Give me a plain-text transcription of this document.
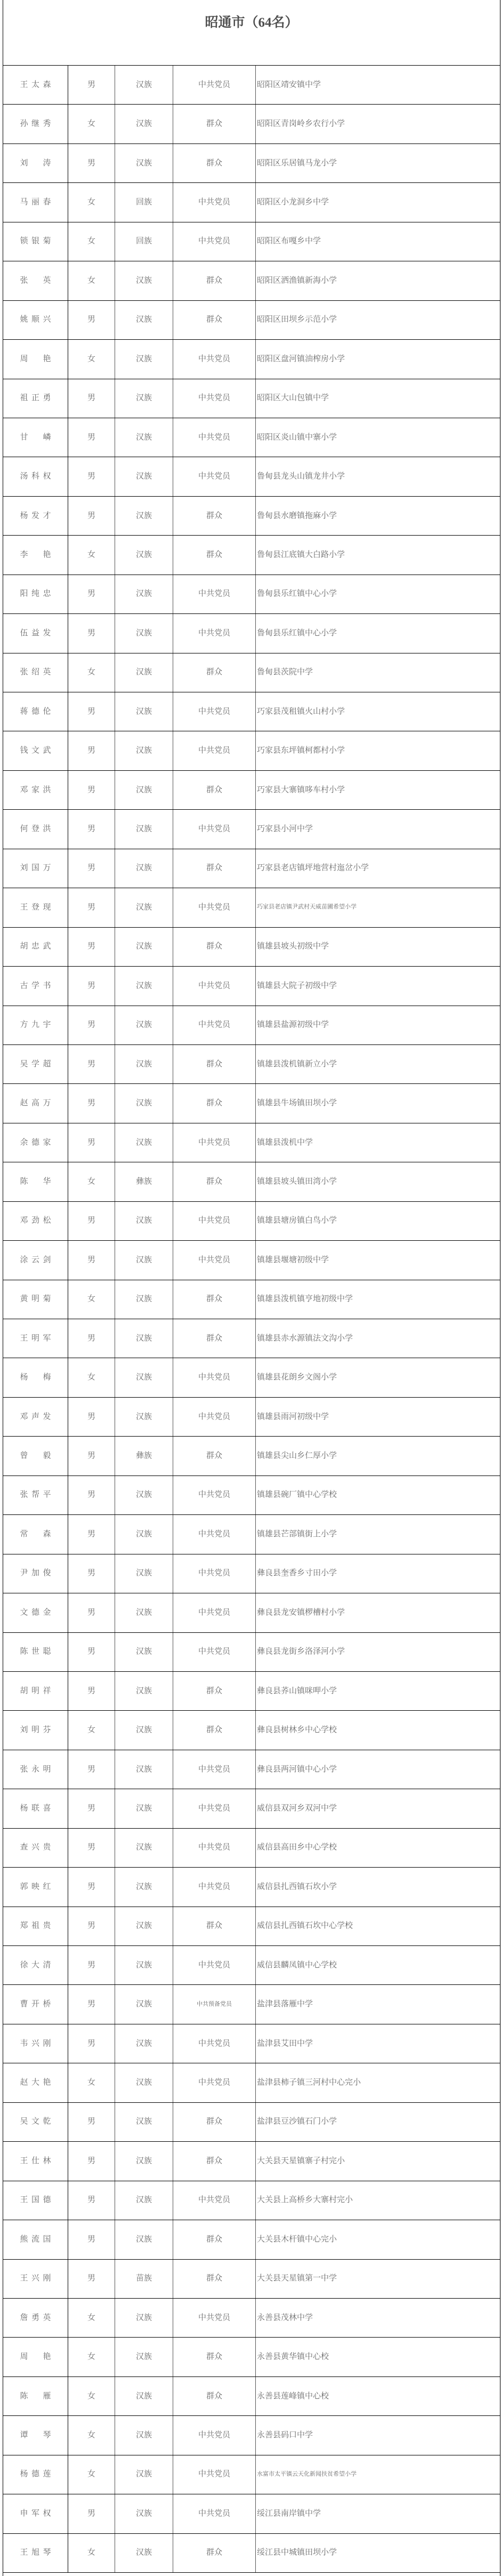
昭通市（64名）
王太森	男	汉族	中共党员	昭阳区靖安镇中学
孙继秀	女	汉族	群众	昭阳区青岗岭乡农行小学
刘涛	男	汉族	群众	昭阳区乐居镇马龙小学
马丽春	女	回族	中共党员	昭阳区小龙洞乡中学
锁银菊	女	回族	中共党员	昭阳区布嘎乡中学
张英	女	汉族	群众	昭阳区洒渔镇新海小学
姚顺兴	男	汉族	群众	昭阳区田坝乡示范小学
周艳	女	汉族	中共党员	昭阳区盘河镇油榨房小学
祖正勇	男	汉族	中共党员	昭阳区大山包镇中学
甘嶙	男	汉族	中共党员	昭阳区炎山镇中寨小学
汤科权	男	汉族	中共党员	鲁甸县龙头山镇龙井小学
杨发才	男	汉族	群众	鲁甸县水磨镇拖麻小学
李艳	女	汉族	群众	鲁甸县江底镇大白路小学
阳纯忠	男	汉族	中共党员	鲁甸县乐红镇中心小学
伍益发	男	汉族	中共党员	鲁甸县乐红镇中心小学
张绍英	女	汉族	群众	鲁甸县茨院中学
蒋德伦	男	汉族	中共党员	巧家县茂租镇火山村小学
钱文武	男	汉族	中共党员	巧家县东坪镇柯都村小学
邓家洪	男	汉族	群众	巧家县大寨镇哆车村小学
何登洪	男	汉族	中共党员	巧家县小河中学
刘国万	男	汉族	群众	巧家县老店镇坪地营村迤岔小学
王登现	男	汉族	中共党员	巧家县老店镇尹武村天威苗圃希望小学
胡忠武	男	汉族	群众	镇雄县坡头初级中学
古学书	男	汉族	中共党员	镇雄县大院子初级中学
方九宇	男	汉族	中共党员	镇雄县盐源初级中学
吴学超	男	汉族	群众	镇雄县泼机镇新立小学
赵高万	男	汉族	群众	镇雄县牛场镇田坝小学
余德家	男	汉族	中共党员	镇雄县泼机中学
陈华	女	彝族	群众	镇雄县坡头镇田湾小学
邓劲松	男	汉族	中共党员	镇雄县塘房镇白鸟小学
涂云剑	男	汉族	中共党员	镇雄县堰塘初级中学
黄明菊	女	汉族	群众	镇雄县泼机镇亨地初级中学
王明军	男	汉族	群众	镇雄县赤水源镇法文沟小学
杨梅	女	汉族	中共党员	镇雄县花朗乡文阁小学
邓声发	男	汉族	中共党员	镇雄县雨河初级中学
曾毅	男	彝族	群众	镇雄县尖山乡仁厚小学
张帮平	男	汉族	中共党员	镇雄县碗厂镇中心学校
常森	男	汉族	中共党员	镇雄县芒部镇街上小学
尹加俊	男	汉族	中共党员	彝良县奎香乡寸田小学
文德金	男	汉族	中共党员	彝良县龙安镇椤槽村小学
陈世聪	男	汉族	中共党员	彝良县龙街乡洛泽河小学
胡明祥	男	汉族	群众	彝良县荞山镇咪呷小学
刘明芬	女	汉族	群众	彝良县树林乡中心学校
张永明	男	汉族	中共党员	彝良县两河镇中心小学
杨联喜	男	汉族	中共党员	威信县双河乡双河中学
查兴贵	男	汉族	中共党员	威信县高田乡中心学校
郭映红	男	汉族	中共党员	威信县扎西镇石坎小学
郑祖贵	男	汉族	群众	威信县扎西镇石坎中心学校
徐大清	男	汉族	中共党员	威信县麟凤镇中心学校
曹开桥	男	汉族	中共预备党员	盐津县落雁中学
韦兴刚	男	汉族	中共党员	盐津县艾田中学
赵大艳	女	汉族	中共党员	盐津县柿子镇三河村中心完小
吴文乾	男	汉族	群众	盐津县豆沙镇石门小学
王仕林	男	汉族	群众	大关县天星镇寨子村完小
王国德	男	汉族	中共党员	大关县上高桥乡大寨村完小
熊流国	男	汉族	群众	大关县木杆镇中心完小
王兴刚	男	苗族	群众	大关县天星镇第一中学
詹勇英	女	汉族	中共党员	永善县茂林中学
周艳	女	汉族	群众	永善县黄华镇中心校
陈雁	女	汉族	群众	永善县莲峰镇中心校
谭琴	女	汉族	中共党员	永善县码口中学
杨德莲	女	汉族	中共党员	水富市太平镇云天化新闻扶贫希望小学
申军权	男	汉族	中共党员	绥江县南岸镇中学
王旭琴	女	汉族	群众	绥江县中城镇田坝小学
